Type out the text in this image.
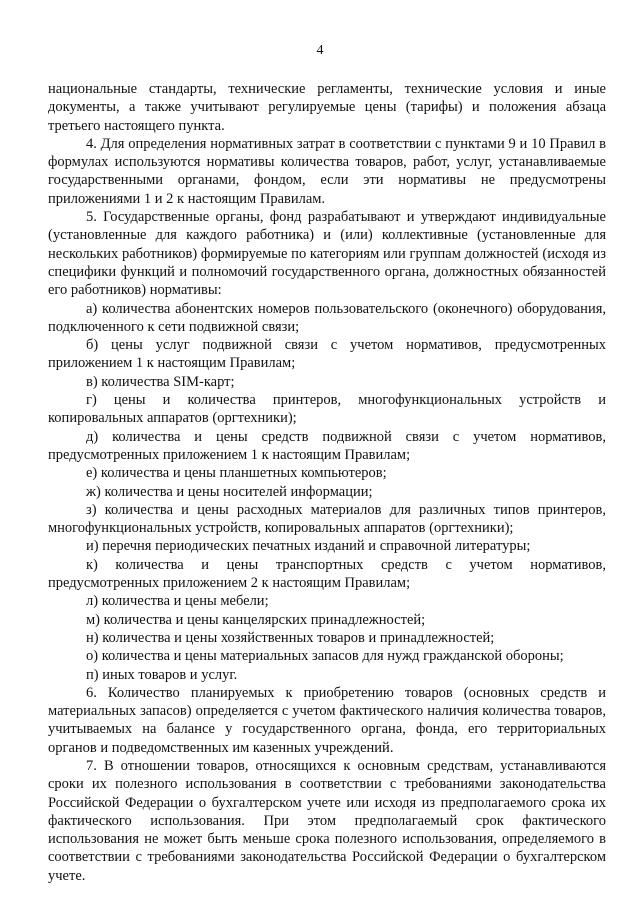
4

национальные стандарты, технические регламенты, технические условия и иные документы, а также учитывают регулируемые цены (тарифы) и положения абзаца третьего настоящего пункта.

4. Для определения нормативных затрат в соответствии с пунктами 9 и 10 Правил в формулах используются нормативы количества товаров, работ, услуг, устанавливаемые государственными органами, фондом, если эти нормативы не предусмотрены приложениями 1 и 2 к настоящим Правилам.

5. Государственные органы, фонд разрабатывают и утверждают индивидуальные (установленные для каждого работника) и (или) коллективные (установленные для нескольких работников) формируемые по категориям или группам должностей (исходя из специфики функций и полномочий государственного органа, должностных обязанностей его работников) нормативы:

а) количества абонентских номеров пользовательского (оконечного) оборудования, подключенного к сети подвижной связи;

б) цены услуг подвижной связи с учетом нормативов, предусмотренных приложением 1 к настоящим Правилам;

в) количества SIM-карт;

г) цены и количества принтеров, многофункциональных устройств и копировальных аппаратов (оргтехники);

д) количества и цены средств подвижной связи с учетом нормативов, предусмотренных приложением 1 к настоящим Правилам;

е) количества и цены планшетных компьютеров;

ж) количества и цены носителей информации;

з) количества и цены расходных материалов для различных типов принтеров, многофункциональных устройств, копировальных аппаратов (оргтехники);

и) перечня периодических печатных изданий и справочной литературы;

к) количества и цены транспортных средств с учетом нормативов, предусмотренных приложением 2 к настоящим Правилам;

л) количества и цены мебели;

м) количества и цены канцелярских принадлежностей;

н) количества и цены хозяйственных товаров и принадлежностей;

о) количества и цены материальных запасов для нужд гражданской обороны;

п) иных товаров и услуг.

6. Количество планируемых к приобретению товаров (основных средств и материальных запасов) определяется с учетом фактического наличия количества товаров, учитываемых на балансе у государственного органа, фонда, его территориальных органов и подведомственных им казенных учреждений.

7. В отношении товаров, относящихся к основным средствам, устанавливаются сроки их полезного использования в соответствии с требованиями законодательства Российской Федерации о бухгалтерском учете или исходя из предполагаемого срока их фактического использования. При этом предполагаемый срок фактического использования не может быть меньше срока полезного использования, определяемого в соответствии с требованиями законодательства Российской Федерации о бухгалтерском учете.
